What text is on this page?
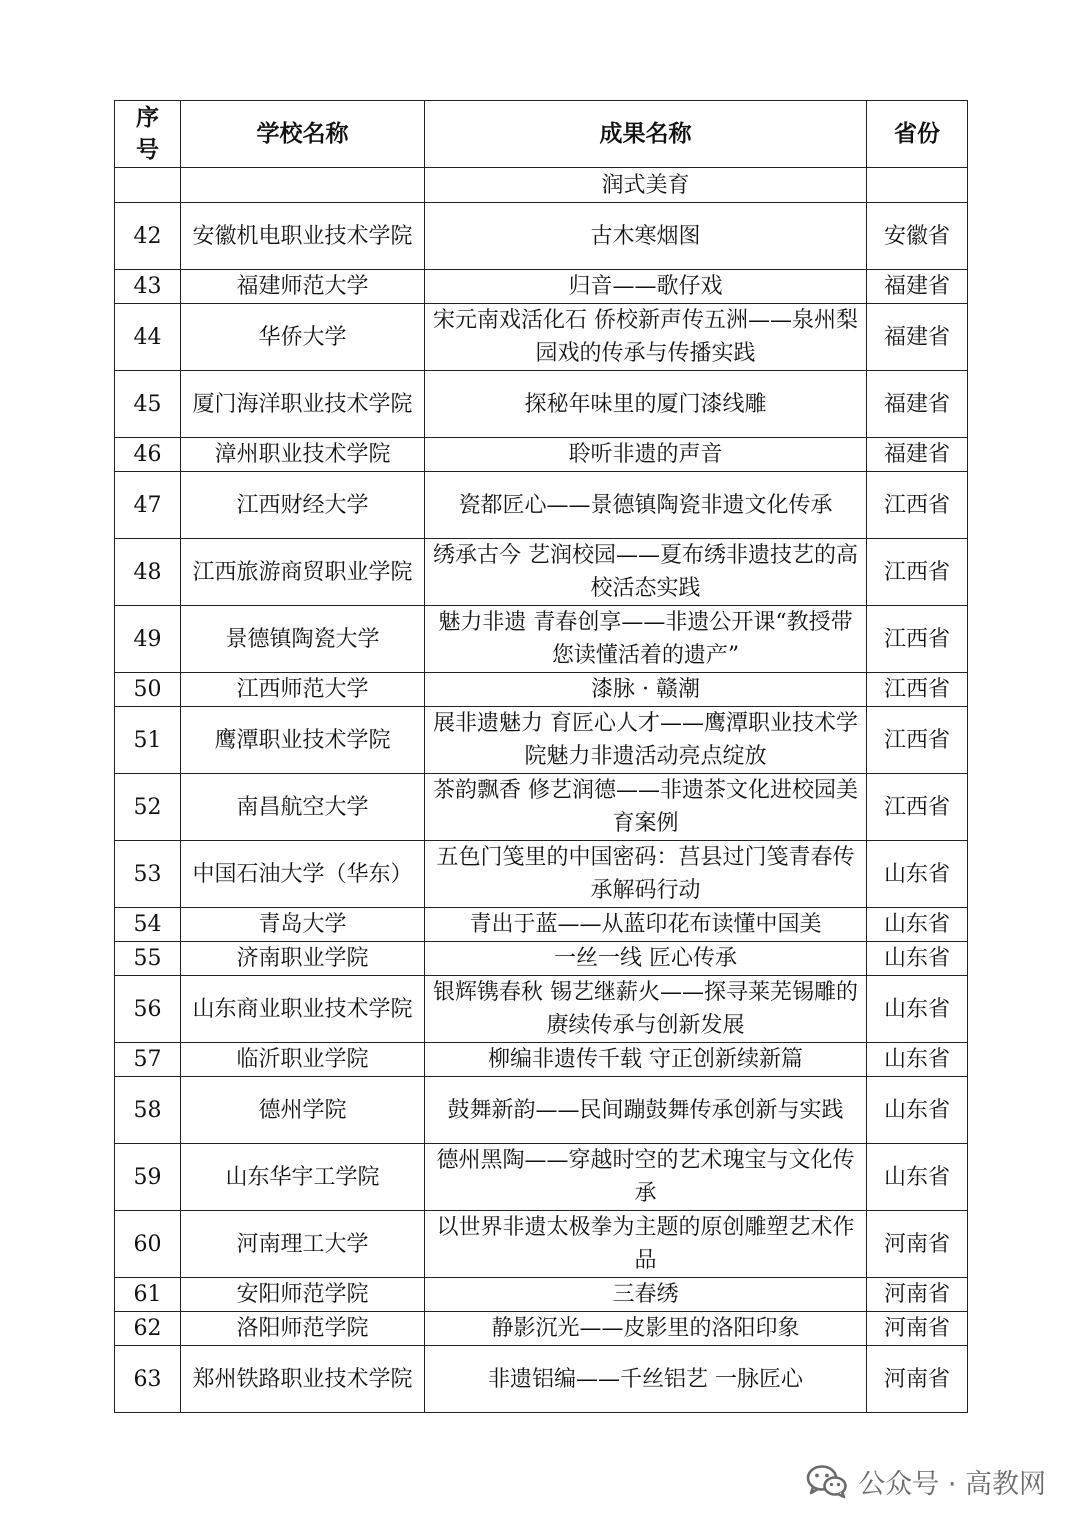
序号	学校名称	成果名称	省份
		润式美育	
42	安徽机电职业技术学院	古木寒烟图	安徽省
43	福建师范大学	归音——歌仔戏	福建省
44	华侨大学	宋元南戏活化石 侨校新声传五洲——泉州梨园戏的传承与传播实践	福建省
45	厦门海洋职业技术学院	探秘年味里的厦门漆线雕	福建省
46	漳州职业技术学院	聆听非遗的声音	福建省
47	江西财经大学	瓷都匠心——景德镇陶瓷非遗文化传承	江西省
48	江西旅游商贸职业学院	绣承古今 艺润校园——夏布绣非遗技艺的高校活态实践	江西省
49	景德镇陶瓷大学	魅力非遗 青春创享——非遗公开课“教授带您读懂活着的遗产”	江西省
50	江西师范大学	漆脉 · 赣潮	江西省
51	鹰潭职业技术学院	展非遗魅力 育匠心人才——鹰潭职业技术学院魅力非遗活动亮点绽放	江西省
52	南昌航空大学	茶韵飘香 修艺润德——非遗茶文化进校园美育案例	江西省
53	中国石油大学（华东）	五色门笺里的中国密码：莒县过门笺青春传承解码行动	山东省
54	青岛大学	青出于蓝——从蓝印花布读懂中国美	山东省
55	济南职业学院	一丝一线 匠心传承	山东省
56	山东商业职业技术学院	银辉镌春秋 锡艺继薪火——探寻莱芜锡雕的赓续传承与创新发展	山东省
57	临沂职业学院	柳编非遗传千载 守正创新续新篇	山东省
58	德州学院	鼓舞新韵——民间蹦鼓舞传承创新与实践	山东省
59	山东华宇工学院	德州黑陶——穿越时空的艺术瑰宝与文化传承	山东省
60	河南理工大学	以世界非遗太极拳为主题的原创雕塑艺术作品	河南省
61	安阳师范学院	三春绣	河南省
62	洛阳师范学院	静影沉光——皮影里的洛阳印象	河南省
63	郑州铁路职业技术学院	非遗铝编——千丝铝艺 一脉匠心	河南省
公众号 · 高教网
